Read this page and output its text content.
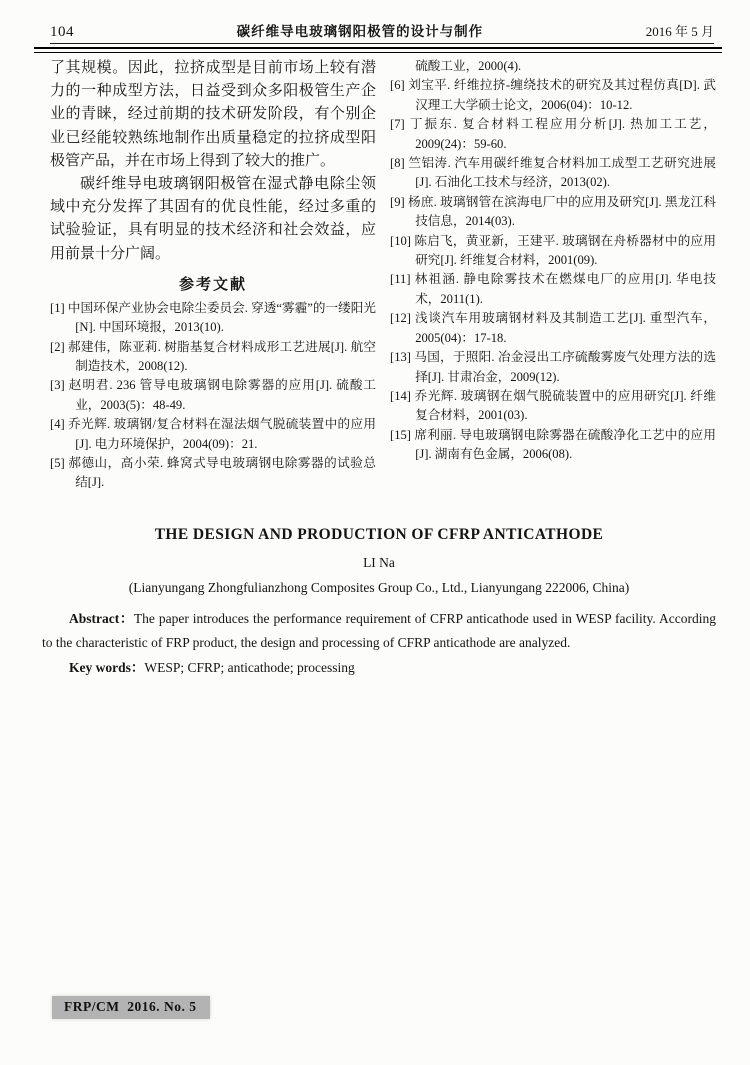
104	碳纤维导电玻璃钢阳极管的设计与制作	2016 年 5 月

了其规模。因此，拉挤成型是目前市场上较有潜力的一种成型方法，日益受到众多阳极管生产企业的青睐，经过前期的技术研发阶段，有个别企业已经能较熟练地制作出质量稳定的拉挤成型阳极管产品，并在市场上得到了较大的推广。

碳纤维导电玻璃钢阳极管在湿式静电除尘领域中充分发挥了其固有的优良性能，经过多重的试验验证，具有明显的技术经济和社会效益，应用前景十分广阔。

参考文献

[1] 中国环保产业协会电除尘委员会. 穿透“雾霾”的一缕阳光[N]. 中国环境报，2013(10).

[2] 郝建伟，陈亚莉. 树脂基复合材料成形工艺进展[J]. 航空制造技术，2008(12).

[3] 赵明君. 236 管导电玻璃钢电除雾器的应用[J]. 硫酸工业，2003(5)：48-49.

[4] 乔光辉. 玻璃钢/复合材料在湿法烟气脱硫装置中的应用[J]. 电力环境保护，2004(09)：21.

[5] 郝德山，高小荣. 蜂窝式导电玻璃钢电除雾器的试验总结[J].

硫酸工业，2000(4).

[6] 刘宝平. 纤维拉挤-缠绕技术的研究及其过程仿真[D]. 武汉理工大学硕士论文，2006(04)：10-12.

[7] 丁振东. 复合材料工程应用分析[J]. 热加工工艺，2009(24)：59-60.

[8] 竺铝涛. 汽车用碳纤维复合材料加工成型工艺研究进展[J]. 石油化工技术与经济，2013(02).

[9] 杨庶. 玻璃钢管在滨海电厂中的应用及研究[J]. 黑龙江科技信息，2014(03).

[10] 陈启飞，黄亚新，王建平. 玻璃钢在舟桥器材中的应用研究[J]. 纤维复合材料，2001(09).

[11] 林祖涵. 静电除雾技术在燃煤电厂的应用[J]. 华电技术，2011(1).

[12] 浅谈汽车用玻璃钢材料及其制造工艺[J]. 重型汽车，2005(04)：17-18.

[13] 马国，于照阳. 冶金浸出工序硫酸雾废气处理方法的选择[J]. 甘肃冶金，2009(12).

[14] 乔光辉. 玻璃钢在烟气脱硫装置中的应用研究[J]. 纤维复合材料，2001(03).

[15] 席利丽. 导电玻璃钢电除雾器在硫酸净化工艺中的应用[J]. 湖南有色金属，2006(08).

THE DESIGN AND PRODUCTION OF CFRP ANTICATHODE

LI Na

(Lianyungang Zhongfulianzhong Composites Group Co., Ltd., Lianyungang 222006, China)

Abstract：The paper introduces the performance requirement of CFRP anticathode used in WESP facility. According to the characteristic of FRP product, the design and processing of CFRP anticathode are analyzed.

Key words：WESP; CFRP; anticathode; processing

FRP/CM  2016. No. 5
